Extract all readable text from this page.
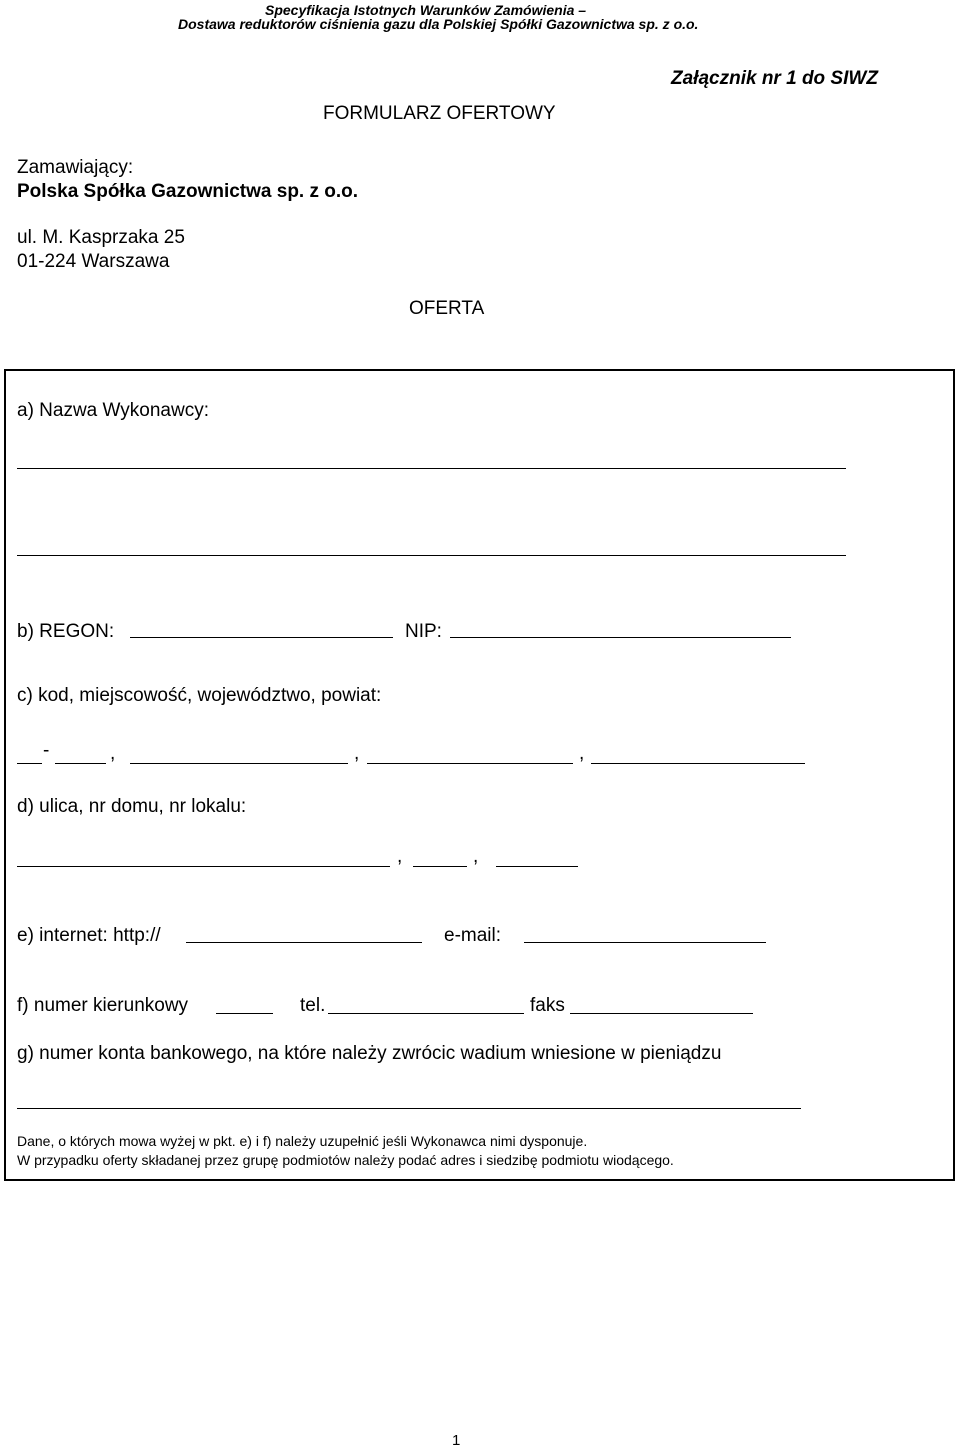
Specyfikacja Istotnych Warunków Zamówienia –
Dostawa reduktorów ciśnienia gazu dla Polskiej Spółki Gazownictwa sp. z o.o.
Załącznik nr 1 do SIWZ
FORMULARZ OFERTOWY
Zamawiający:
Polska Spółka Gazownictwa sp. z o.o.
ul. M. Kasprzaka 25
01-224 Warszawa
OFERTA
a) Nazwa Wykonawcy:
b) REGON:	NIP:
c) kod, miejscowość, województwo, powiat:
-	,	,	,
d) ulica, nr domu, nr lokalu:
,	,
e) internet: http://	e-mail:
f) numer kierunkowy	tel.	faks
g) numer konta bankowego, na które należy zwrócic wadium wniesione w pieniądzu
Dane, o których mowa wyżej w pkt. e) i f) należy uzupełnić jeśli Wykonawca nimi dysponuje.
W przypadku oferty składanej przez grupę podmiotów należy podać adres i siedzibę podmiotu wiodącego.
1
